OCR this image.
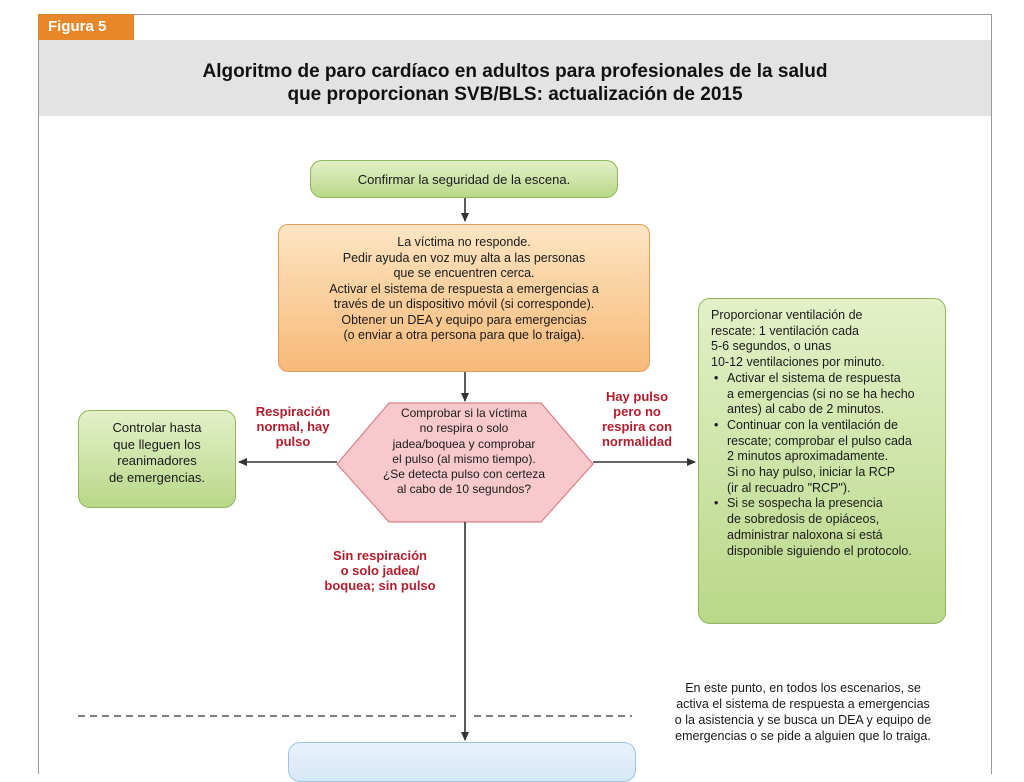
Figura 5
Algoritmo de paro cardíaco en adultos para profesionales de la salud
que proporcionan SVB/BLS: actualización de 2015
Confirmar la seguridad de la escena.
La víctima no responde.
Pedir ayuda en voz muy alta a las personas
que se encuentren cerca.
Activar el sistema de respuesta a emergencias a
través de un dispositivo móvil (si corresponde).
Obtener un DEA y equipo para emergencias
(o enviar a otra persona para que lo traiga).
Comprobar si la víctima
no respira o solo
jadea/boquea y comprobar
el pulso (al mismo tiempo).
¿Se detecta pulso con certeza
al cabo de 10 segundos?
Controlar hasta
que lleguen los
reanimadores
de emergencias.
Proporcionar ventilación de
rescate: 1 ventilación cada
5-6 segundos, o unas
10-12 ventilaciones por minuto.
• Activar el sistema de respuesta
a emergencias (si no se ha hecho
antes) al cabo de 2 minutos.
• Continuar con la ventilación de
rescate; comprobar el pulso cada
2 minutos aproximadamente.
Si no hay pulso, iniciar la RCP
(ir al recuadro "RCP").
• Si se sospecha la presencia
de sobredosis de opiáceos,
administrar naloxona si está
disponible siguiendo el protocolo.
Respiración
normal, hay
pulso
Hay pulso
pero no
respira con
normalidad
Sin respiración
o solo jadea/
boquea; sin pulso
En este punto, en todos los escenarios, se
activa el sistema de respuesta a emergencias
o la asistencia y se busca un DEA y equipo de
emergencias o se pide a alguien que lo traiga.
